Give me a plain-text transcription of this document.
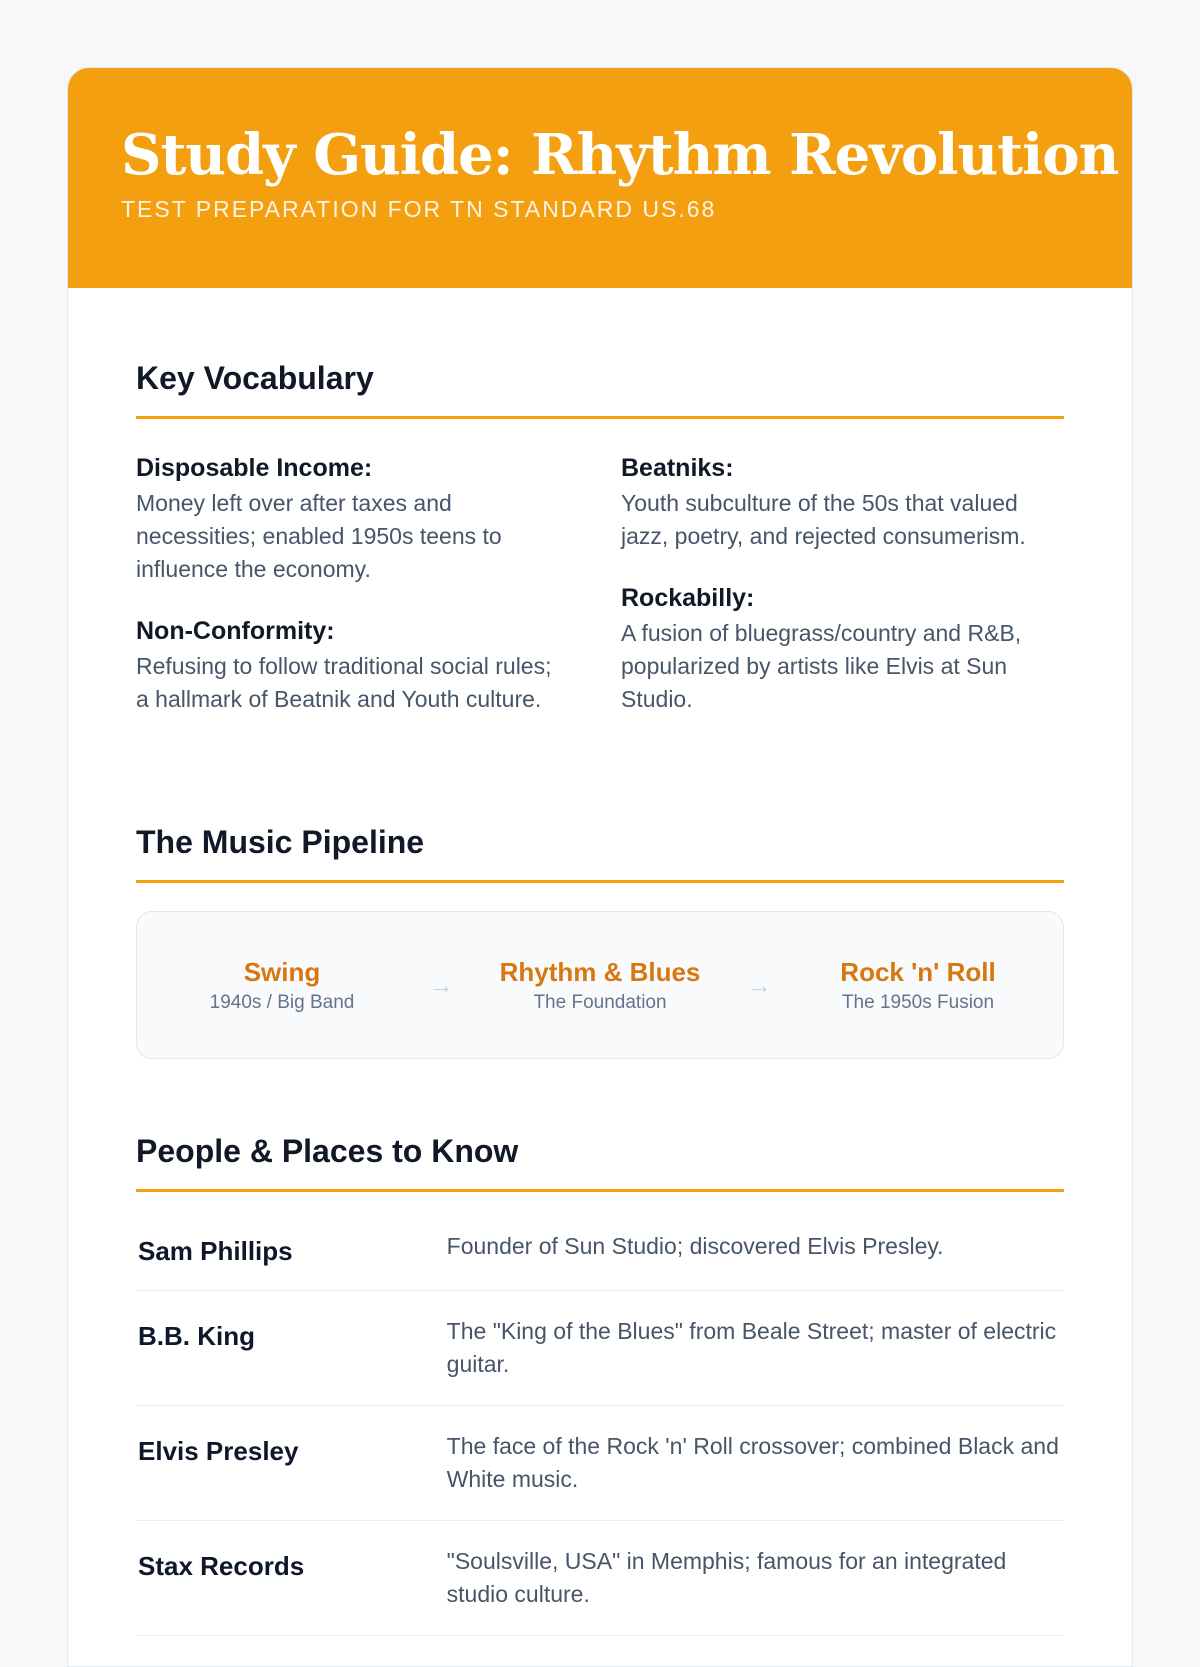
Study Guide: Rhythm Revolution
TEST PREPARATION FOR TN STANDARD US.68
Key Vocabulary
Disposable Income:
Money left over after taxes and necessities; enabled 1950s teens to influence the economy.
Non-Conformity:
Refusing to follow traditional social rules; a hallmark of Beatnik and Youth culture.
Beatniks:
Youth subculture of the 50s that valued jazz, poetry, and rejected consumerism.
Rockabilly:
A fusion of bluegrass/country and R&B, popularized by artists like Elvis at Sun Studio.
The Music Pipeline
Swing
1940s / Big Band
→	Rhythm & Blues
The Foundation
→	Rock 'n' Roll
The 1950s Fusion
People & Places to Know
Sam Phillips	Founder of Sun Studio; discovered Elvis Presley.
B.B. King	The "King of the Blues" from Beale Street; master of electric guitar.
Elvis Presley	The face of the Rock 'n' Roll crossover; combined Black and White music.
Stax Records	"Soulsville, USA" in Memphis; famous for an integrated studio culture.
